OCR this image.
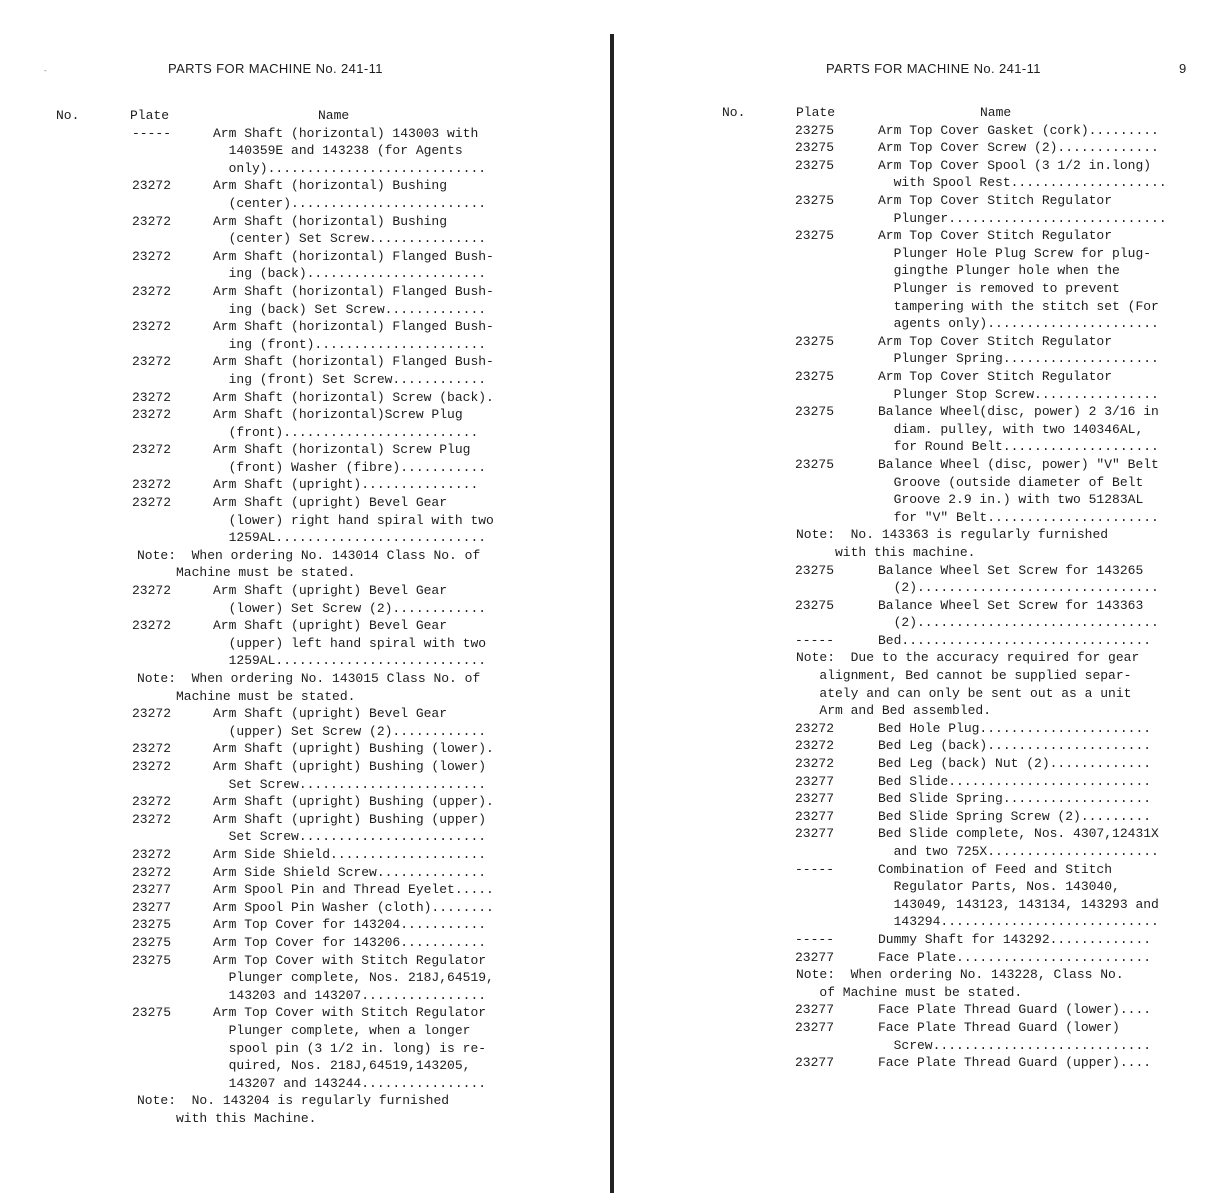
-	PARTS FOR MACHINE No. 241-11
No.	Plate	Name
-----	Arm Shaft (horizontal) 143003 with
140359E and 143238 (for Agents
only)............................
23272	Arm Shaft (horizontal) Bushing
(center).........................
23272	Arm Shaft (horizontal) Bushing
(center) Set Screw...............
23272	Arm Shaft (horizontal) Flanged Bush-
ing (back).......................
23272	Arm Shaft (horizontal) Flanged Bush-
ing (back) Set Screw.............
23272	Arm Shaft (horizontal) Flanged Bush-
ing (front)......................
23272	Arm Shaft (horizontal) Flanged Bush-
ing (front) Set Screw............
23272	Arm Shaft (horizontal) Screw (back).
23272	Arm Shaft (horizontal)Screw Plug
(front).........................
23272	Arm Shaft (horizontal) Screw Plug
(front) Washer (fibre)...........
23272	Arm Shaft (upright)...............
23272	Arm Shaft (upright) Bevel Gear
(lower) right hand spiral with two
1259AL...........................
Note:  When ordering No. 143014 Class No. of
Machine must be stated.
23272	Arm Shaft (upright) Bevel Gear
(lower) Set Screw (2)............
23272	Arm Shaft (upright) Bevel Gear
(upper) left hand spiral with two
1259AL...........................
Note:  When ordering No. 143015 Class No. of
Machine must be stated.
23272	Arm Shaft (upright) Bevel Gear
(upper) Set Screw (2)............
23272	Arm Shaft (upright) Bushing (lower).
23272	Arm Shaft (upright) Bushing (lower)
Set Screw........................
23272	Arm Shaft (upright) Bushing (upper).
23272	Arm Shaft (upright) Bushing (upper)
Set Screw........................
23272	Arm Side Shield....................
23272	Arm Side Shield Screw..............
23277	Arm Spool Pin and Thread Eyelet.....
23277	Arm Spool Pin Washer (cloth)........
23275	Arm Top Cover for 143204...........
23275	Arm Top Cover for 143206...........
23275	Arm Top Cover with Stitch Regulator
Plunger complete, Nos. 218J,64519,
143203 and 143207................
23275	Arm Top Cover with Stitch Regulator
Plunger complete, when a longer
spool pin (3 1/2 in. long) is re-
quired, Nos. 218J,64519,143205,
143207 and 143244................
Note:  No. 143204 is regularly furnished
with this Machine.
PARTS FOR MACHINE No. 241-11	9
No.	Plate	Name
23275	Arm Top Cover Gasket (cork).........
23275	Arm Top Cover Screw (2).............
23275	Arm Top Cover Spool (3 1/2 in.long)
with Spool Rest....................
23275	Arm Top Cover Stitch Regulator
Plunger............................
23275	Arm Top Cover Stitch Regulator
Plunger Hole Plug Screw for plug-
gingthe Plunger hole when the
Plunger is removed to prevent
tampering with the stitch set (For
agents only)......................
23275	Arm Top Cover Stitch Regulator
Plunger Spring....................
23275	Arm Top Cover Stitch Regulator
Plunger Stop Screw................
23275	Balance Wheel(disc, power) 2 3/16 in
diam. pulley, with two 140346AL,
for Round Belt....................
23275	Balance Wheel (disc, power) "V" Belt
Groove (outside diameter of Belt
Groove 2.9 in.) with two 51283AL
for "V" Belt......................
Note:  No. 143363 is regularly furnished
with this machine.
23275	Balance Wheel Set Screw for 143265
(2)...............................
23275	Balance Wheel Set Screw for 143363
(2)...............................
-----	Bed................................
Note:  Due to the accuracy required for gear
alignment, Bed cannot be supplied separ-
ately and can only be sent out as a unit
Arm and Bed assembled.
23272	Bed Hole Plug......................
23272	Bed Leg (back).....................
23272	Bed Leg (back) Nut (2).............
23277	Bed Slide..........................
23277	Bed Slide Spring...................
23277	Bed Slide Spring Screw (2).........
23277	Bed Slide complete, Nos. 4307,12431X
and two 725X......................
-----	Combination of Feed and Stitch
Regulator Parts, Nos. 143040,
143049, 143123, 143134, 143293 and
143294............................
-----	Dummy Shaft for 143292.............
23277	Face Plate.........................
Note:  When ordering No. 143228, Class No.
of Machine must be stated.
23277	Face Plate Thread Guard (lower)....
23277	Face Plate Thread Guard (lower)
Screw............................
23277	Face Plate Thread Guard (upper)....
